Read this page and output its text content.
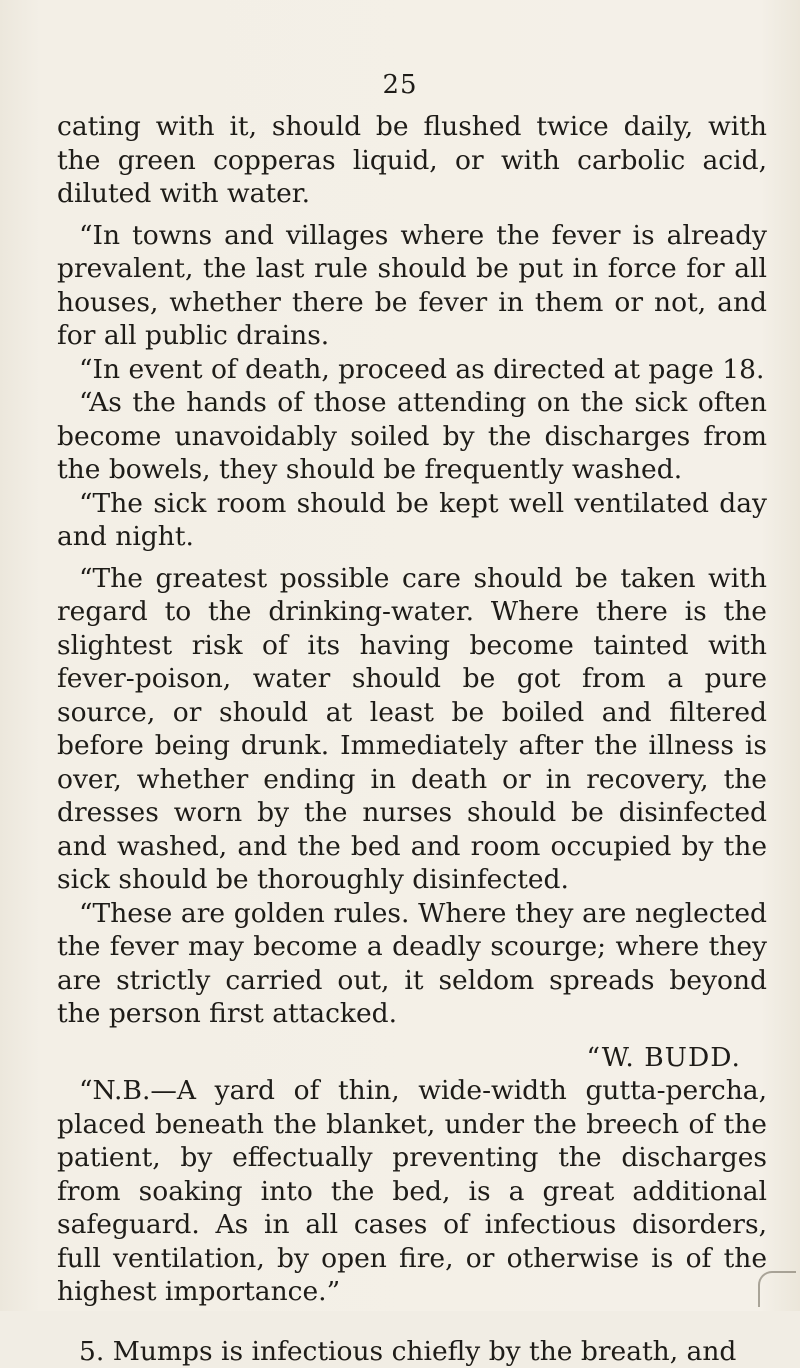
25

cating with it, should be flushed twice daily, with the green copperas liquid, or with carbolic acid, diluted with water.

“In towns and villages where the fever is already prevalent, the last rule should be put in force for all houses, whether there be fever in them or not, and for all public drains.

“In event of death, proceed as directed at page 18.

“As the hands of those attending on the sick often become unavoidably soiled by the discharges from the bowels, they should be frequently washed.

“The sick room should be kept well ventilated day and night.

“The greatest possible care should be taken with regard to the drinking-water. Where there is the slightest risk of its having become tainted with fever-poison, water should be got from a pure source, or should at least be boiled and filtered before being drunk. Immediately after the illness is over, whether ending in death or in recovery, the dresses worn by the nurses should be disinfected and washed, and the bed and room occupied by the sick should be thoroughly disinfected.

“These are golden rules. Where they are neglected the fever may become a deadly scourge; where they are strictly carried out, it seldom spreads beyond the person first attacked.

“W. BUDD.

“N.B.—A yard of thin, wide-width gutta-percha, placed beneath the blanket, under the breech of the patient, by effectually preventing the discharges from soaking into the bed, is a great additional safeguard. As in all cases of infectious disorders, full ventilation, by open fire, or otherwise is of the highest importance.”

5. Mumps is infectious chiefly by the breath, and
